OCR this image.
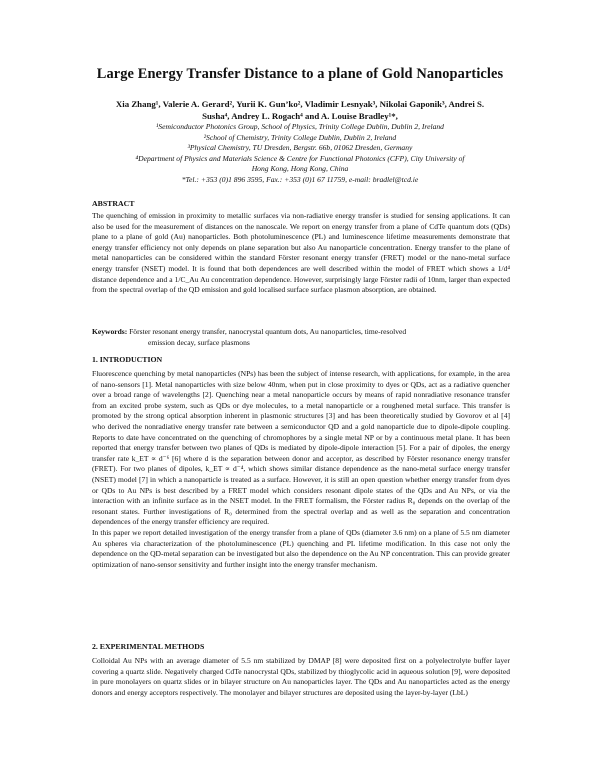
Large Energy Transfer Distance to a plane of Gold Nanoparticles
Xia Zhang¹, Valerie A. Gerard², Yurii K. Gun’ko², Vladimir Lesnyak³, Nikolai Gaponik³, Andrei S.
Susha⁴, Andrey L. Rogach⁴ and A. Louise Bradley¹*,
¹Semiconductor Photonics Group, School of Physics, Trinity College Dublin, Dublin 2, Ireland
²School of Chemistry, Trinity College Dublin, Dublin 2, Ireland
³Physical Chemistry, TU Dresden, Bergstr. 66b, 01062 Dresden, Germany
⁴Department of Physics and Materials Science & Centre for Functional Photonics (CFP), City University of
Hong Kong, Hong Kong, China
*Tel.: +353 (0)1 896 3595, Fax.: +353 (0)1 67 11759, e-mail: bradlel@tcd.ie
ABSTRACT

The quenching of emission in proximity to metallic surfaces via non-radiative energy transfer is studied for sensing applications. It can also be used for the measurement of distances on the nanoscale. We report on energy transfer from a plane of CdTe quantum dots (QDs) plane to a plane of gold (Au) nanoparticles. Both photoluminescence (PL) and luminescence lifetime measurements demonstrate that energy transfer efficiency not only depends on plane separation but also Au nanoparticle concentration. Energy transfer to the plane of metal nanoparticles can be considered within the standard Förster resonant energy transfer (FRET) model or the nano-metal surface energy transfer (NSET) model. It is found that both dependences are well described within the model of FRET which shows a 1/d⁴ distance dependence and a 1/C_Au Au concentration dependence. However, surprisingly large Förster radii of 10nm, larger than expected from the spectral overlap of the QD emission and gold localised surface surface plasmon absorption, are obtained.

Keywords: Förster resonant energy transfer, nanocrystal quantum dots, Au nanoparticles, time-resolved
emission decay, surface plasmons
1. INTRODUCTION

Fluorescence quenching by metal nanoparticles (NPs) has been the subject of intense research, with applications, for example, in the area of nano-sensors [1]. Metal nanoparticles with size below 40nm, when put in close proximity to dyes or QDs, act as a radiative quencher over a broad range of wavelengths [2]. Quenching near a metal nanoparticle occurs by means of rapid nonradiative resonance transfer from an excited probe system, such as QDs or dye molecules, to a metal nanoparticle or a roughened metal surface. This transfer is promoted by the strong optical absorption inherent in plasmonic structures [3] and has been theoretically studied by Govorov et al [4] who derived the nonradiative energy transfer rate between a semiconductor QD and a gold nanoparticle due to dipole-dipole coupling. Reports to date have concentrated on the quenching of chromophores by a single metal NP or by a continuous metal plane. It has been reported that energy transfer between two planes of QDs is mediated by dipole-dipole interaction [5]. For a pair of dipoles, the energy transfer rate k_ET ∝ d⁻⁶ [6] where d is the separation between donor and acceptor, as described by Förster resonance energy transfer (FRET). For two planes of dipoles, k_ET ∝ d⁻⁴, which shows similar distance dependence as the nano-metal surface energy transfer (NSET) model [7] in which a nanoparticle is treated as a surface. However, it is still an open question whether energy transfer from dyes or QDs to Au NPs is best described by a FRET model which considers resonant dipole states of the QDs and Au NPs, or via the interaction with an infinite surface as in the NSET model. In the FRET formalism, the Förster radius R₀ depends on the overlap of the resonant states. Further investigations of R₀ determined from the spectral overlap and as well as the separation and concentration dependences of the energy transfer efficiency are required.

In this paper we report detailed investigation of the energy transfer from a plane of QDs (diameter 3.6 nm) on a plane of 5.5 nm diameter Au spheres via characterization of the photoluminescence (PL) quenching and PL lifetime modification. In this case not only the dependence on the QD-metal separation can be investigated but also the dependence on the Au NP concentration. This can provide greater optimization of nano-sensor sensitivity and further insight into the energy transfer mechanism.

2. EXPERIMENTAL METHODS

Colloidal Au NPs with an average diameter of 5.5 nm stabilized by DMAP [8] were deposited first on a polyelectrolyte buffer layer covering a quartz slide. Negatively charged CdTe nanocrystal QDs, stabilized by thioglycolic acid in aqueous solution [9], were deposited in pure monolayers on quartz slides or in bilayer structure on Au nanoparticles layer. The QDs and Au nanoparticles acted as the energy donors and energy acceptors respectively. The monolayer and bilayer structures are deposited using the layer-by-layer (LbL)
